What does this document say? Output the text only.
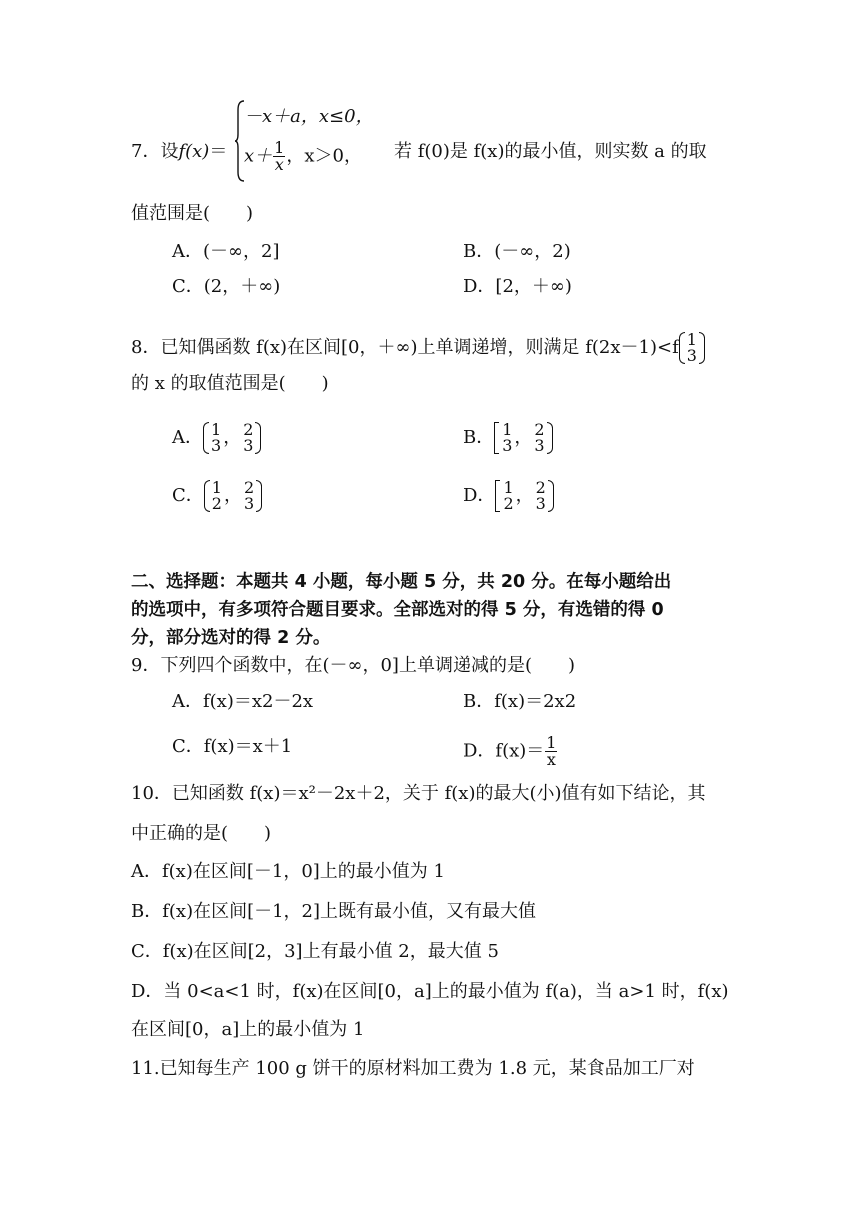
7．设f(x)＝
－x＋a，x≤0，
$x+ \frac{1}{x}$ ，x＞0， 若 f(0)是 f(x)的最小值，则实数 a 的取
值范围是(　　)
A．(－∞，2]	B．(－∞，2)
C．(2，＋∞)	D．[2，＋∞)
8．已知偶函数 f(x)在区间[0，＋∞)上单调递增，则满足 f(2x－1)<f 1
3
的 x 的取值范围是(　　)
A． 1
3 ， 2
3	B． 1
3 ， 2
3
C． 1
2 ， 2
3	D． 1
2 ， 2
3
二、选择题：本题共 4 小题，每小题 5 分，共 20 分。在每小题给出
的选项中，有多项符合题目要求。全部选对的得 5 分，有选错的得 0
分，部分选对的得 2 分。
9．下列四个函数中，在(－∞，0]上单调递减的是(　　)
A．f(x)＝x2－2x	B．f(x)＝2x2
C．f(x)＝x＋1	D．$f(x)= \frac{1}{x}$
10．已知函数 f(x)＝x²－2x＋2，关于 f(x)的最大(小)值有如下结论，其
中正确的是(　　)
A．f(x)在区间[－1，0]上的最小值为 1
B．f(x)在区间[－1，2]上既有最小值，又有最大值
C．f(x)在区间[2，3]上有最小值 2，最大值 5
D．当 0<a<1 时，f(x)在区间[0，a]上的最小值为 f(a)，当 a>1 时，f(x)
在区间[0，a]上的最小值为 1
11.已知每生产 100 g 饼干的原材料加工费为 1.8 元，某食品加工厂对
